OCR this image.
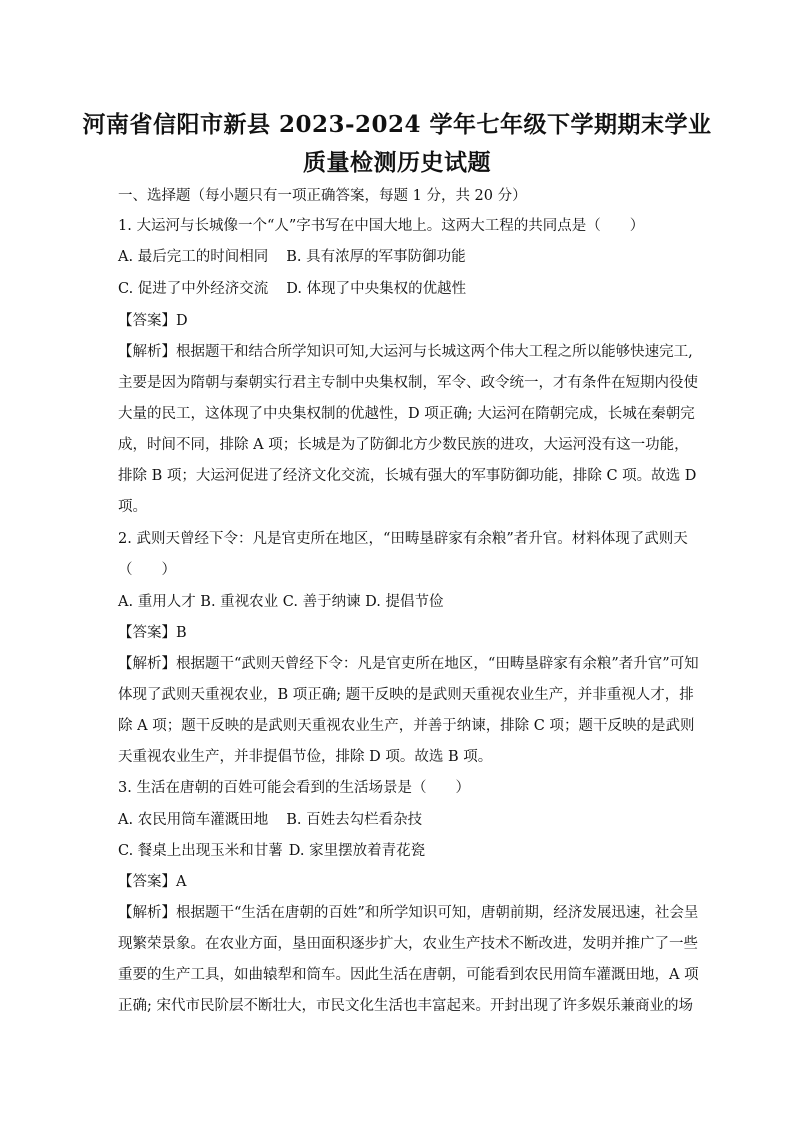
河南省信阳市新县 2023-2024 学年七年级下学期期末学业
质量检测历史试题
一、选择题（每小题只有一项正确答案，每题 1 分，共 20 分）
1. 大运河与长城像一个“人”字书写在中国大地上。这两大工程的共同点是（　　）
A. 最后完工的时间相同 B. 具有浓厚的军事防御功能
C. 促进了中外经济交流 D. 体现了中央集权的优越性
【答案】D
【解析】根据题干和结合所学知识可知,大运河与长城这两个伟大工程之所以能够快速完工,
主要是因为隋朝与秦朝实行君主专制中央集权制，军令、政令统一，才有条件在短期内役使
大量的民工，这体现了中央集权制的优越性，D 项正确; 大运河在隋朝完成，长城在秦朝完
成，时间不同，排除 A 项；长城是为了防御北方少数民族的进攻，大运河没有这一功能，
排除 B 项；大运河促进了经济文化交流，长城有强大的军事防御功能，排除 C 项。故选 D
项。
2. 武则天曾经下令：凡是官吏所在地区，“田畴垦辟家有余粮”者升官。材料体现了武则天
（　　）
A. 重用人才 B. 重视农业 C. 善于纳谏 D. 提倡节俭
【答案】B
【解析】根据题干“武则天曾经下令：凡是官吏所在地区，“田畴垦辟家有余粮”者升官”可知
体现了武则天重视农业，B 项正确; 题干反映的是武则天重视农业生产，并非重视人才，排
除 A 项；题干反映的是武则天重视农业生产，并善于纳谏，排除 C 项；题干反映的是武则
天重视农业生产，并非提倡节俭，排除 D 项。故选 B 项。
3. 生活在唐朝的百姓可能会看到的生活场景是（　　）
A. 农民用筒车灌溉田地 B. 百姓去勾栏看杂技
C. 餐桌上出现玉米和甘薯 D. 家里摆放着青花瓷
【答案】A
【解析】根据题干“生活在唐朝的百姓”和所学知识可知，唐朝前期，经济发展迅速，社会呈
现繁荣景象。在农业方面，垦田面积逐步扩大，农业生产技术不断改进，发明并推广了一些
重要的生产工具，如曲辕犁和筒车。因此生活在唐朝，可能看到农民用筒车灌溉田地，A 项
正确; 宋代市民阶层不断壮大，市民文化生活也丰富起来。开封出现了许多娱乐兼商业的场
